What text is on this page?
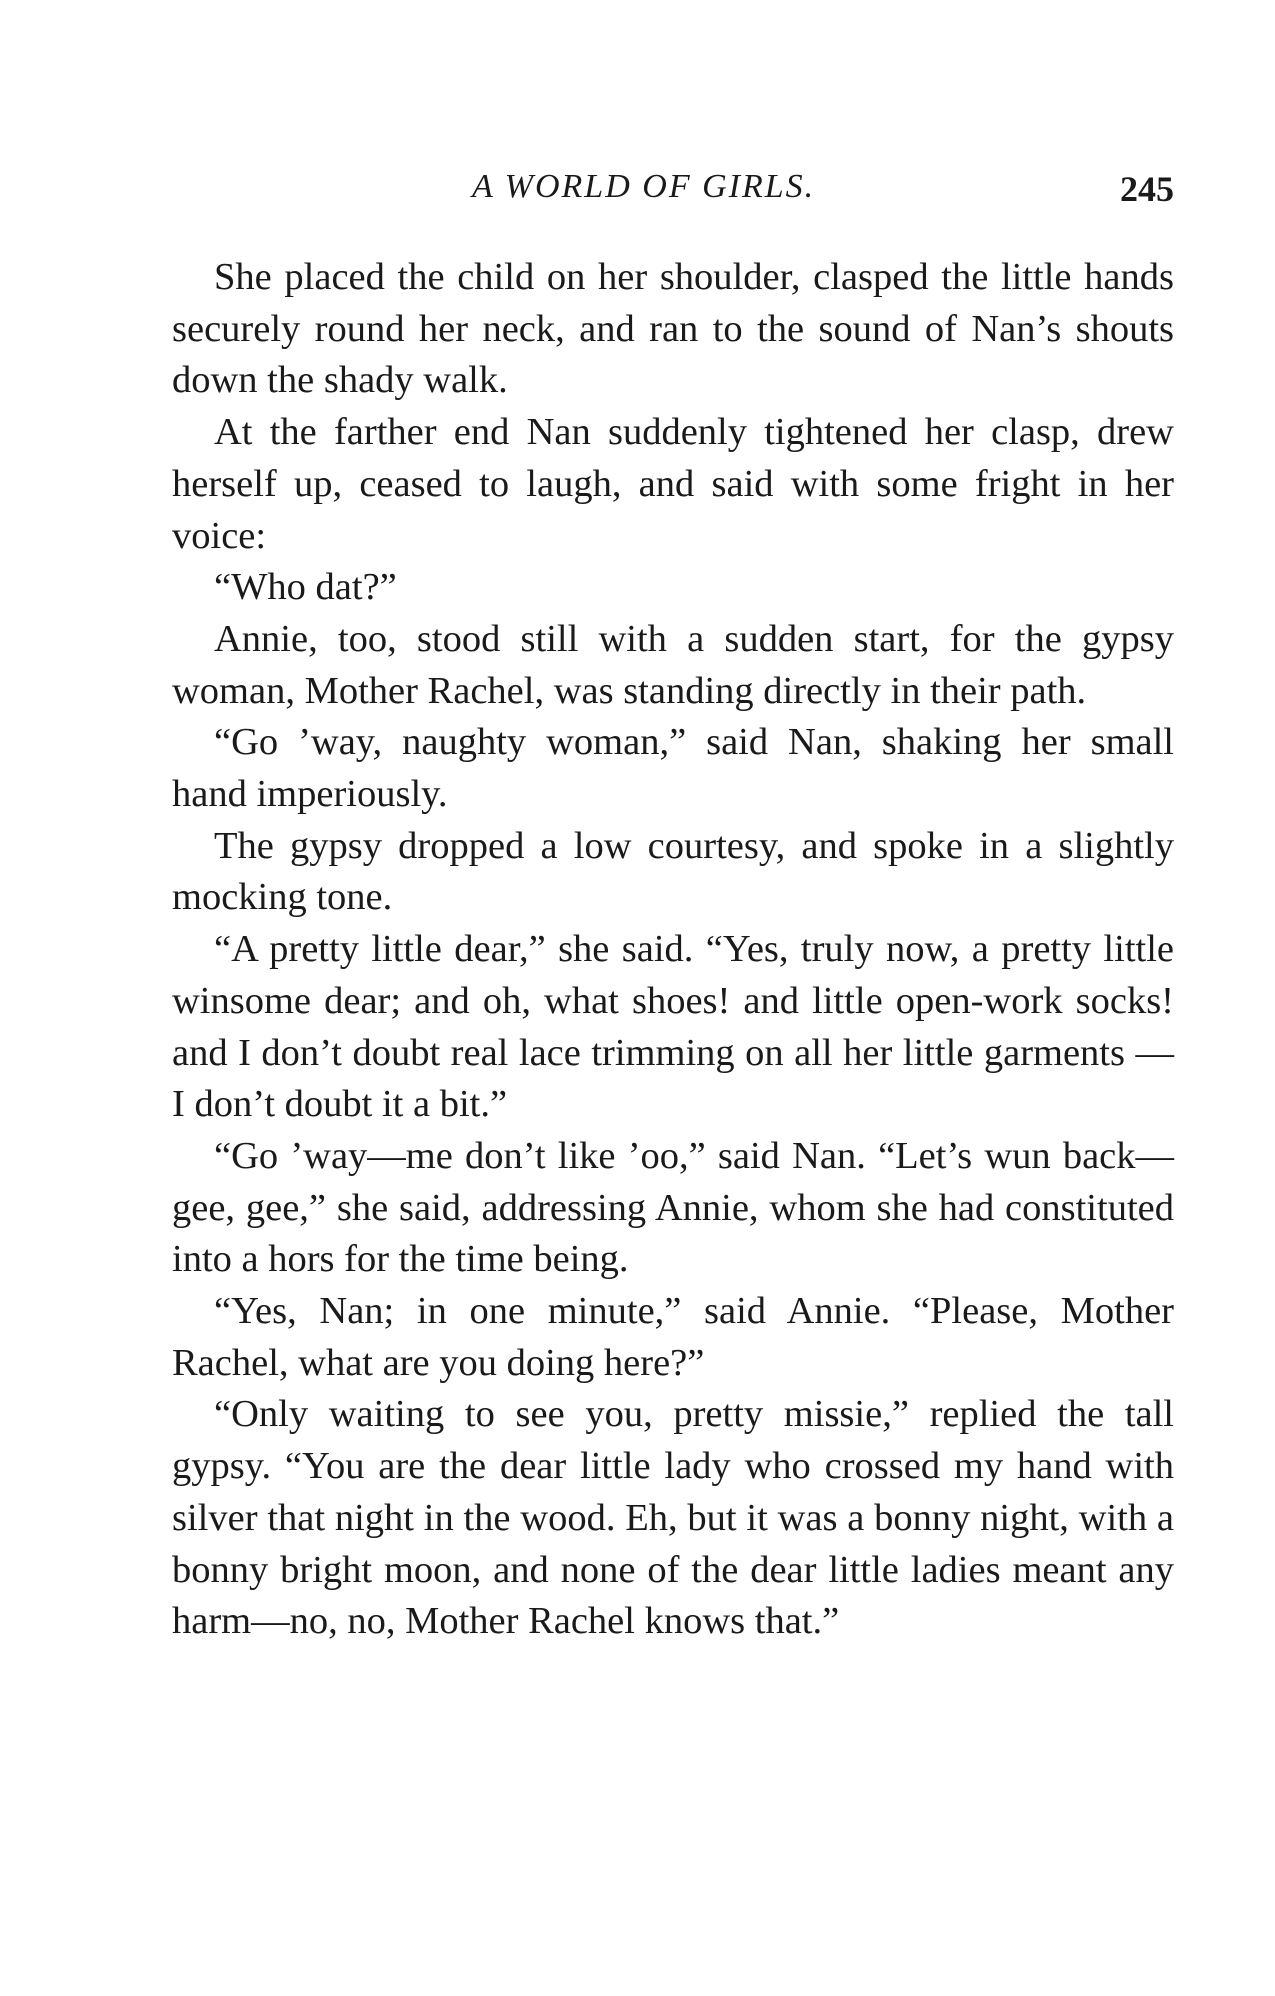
A WORLD OF GIRLS.	245

She placed the child on her shoulder, clasped the little hands securely round her neck, and ran to the sound of Nan’s shouts down the shady walk.

At the farther end Nan suddenly tightened her clasp, drew herself up, ceased to laugh, and said with some fright in her voice:

“Who dat?”

Annie, too, stood still with a sudden start, for the gypsy woman, Mother Rachel, was standing directly in their path.

“Go ’way, naughty woman,” said Nan, shaking her small hand imperiously.

The gypsy dropped a low courtesy, and spoke in a slightly mocking tone.

“A pretty little dear,” she said. “Yes, truly now, a pretty little winsome dear; and oh, what shoes! and little open-work socks! and I don’t doubt real lace trimming on all her little garments —I don’t doubt it a bit.”

“Go ’way—me don’t like ’oo,” said Nan. “Let’s wun back—gee, gee,” she said, addressing Annie, whom she had constituted into a hors for the time being.

“Yes, Nan; in one minute,” said Annie. “Please, Mother Rachel, what are you doing here?”

“Only waiting to see you, pretty missie,” replied the tall gypsy. “You are the dear little lady who crossed my hand with silver that night in the wood. Eh, but it was a bonny night, with a bonny bright moon, and none of the dear little ladies meant any harm—no, no, Mother Rachel knows that.”
